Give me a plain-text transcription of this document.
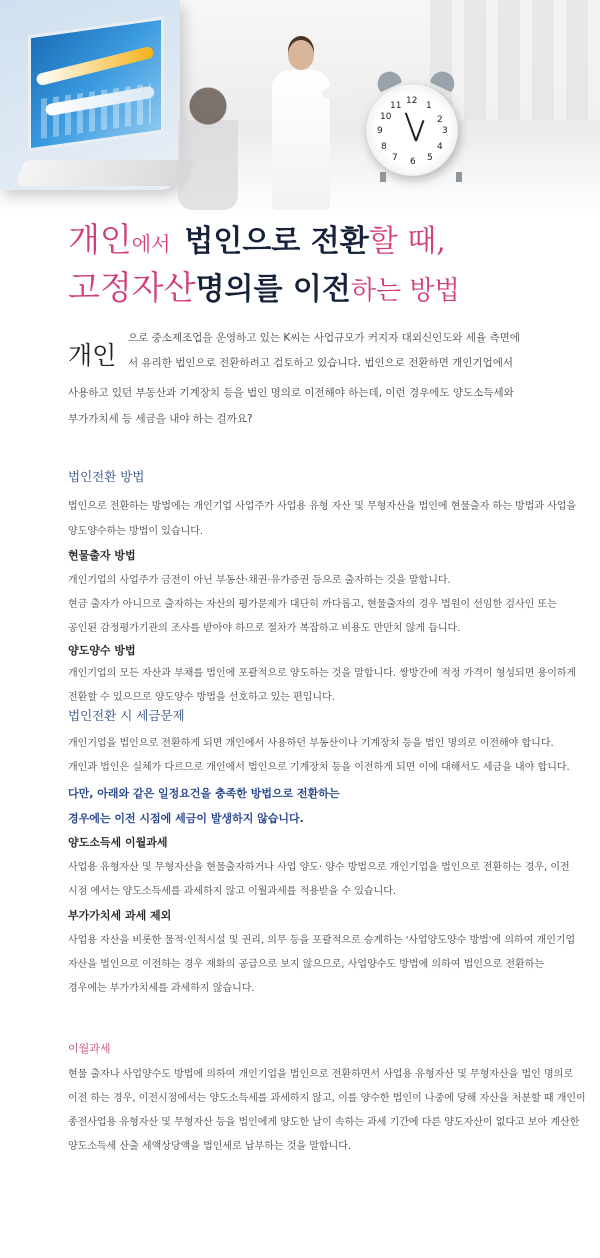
12 1
2
3
4
5
6
7
8
9
10
11
개인에서 법인으로 전환할 때,
고정자산명의를 이전하는 방법
개인
으로 중소제조업을 운영하고 있는 K씨는 사업규모가 커지자 대외신인도와 세율 측면에
서 유리한 법인으로 전환하려고 검토하고 있습니다. 법인으로 전환하면 개인기업에서
사용하고 있던 부동산과 기계장치 등을 법인 명의로 이전해야 하는데, 이런 경우에도 양도소득세와
부가가치세 등 세금을 내야 하는 걸까요?
법인전환 방법
법인으로 전환하는 방법에는 개인기업 사업주가 사업용 유형 자산 및 무형자산을 법인에 현물출자 하는 방법과 사업을
양도양수하는 방법이 있습니다.
현물출자 방법
개인기업의 사업주가 금전이 아닌 부동산·채권·유가증권 등으로 출자하는 것을 말합니다.
현금 출자가 아니므로 출자하는 자산의 평가문제가 대단히 까다롭고, 현물출자의 경우 법원이 선임한 검사인 또는
공인된 감정평가기관의 조사를 받아야 하므로 절차가 복잡하고 비용도 만만치 않게 듭니다.
양도양수 방법
개인기업의 모든 자산과 부채를 법인에 포괄적으로 양도하는 것을 말합니다. 쌍방간에 적정 가격이 형성되면 용이하게
전환할 수 있으므로 양도양수 방법을 선호하고 있는 편입니다.
법인전환 시 세금문제
개인기업을 법인으로 전환하게 되면 개인에서 사용하던 부동산이나 기계장치 등을 법인 명의로 이전해야 합니다.
개인과 법인은 실체가 다르므로 개인에서 법인으로 기계장치 등을 이전하게 되면 이에 대해서도 세금을 내야 합니다.
다만, 아래와 같은 일정요건을 충족한 방법으로 전환하는
경우에는 이전 시점에 세금이 발생하지 않습니다.
양도소득세 이월과세
사업용 유형자산 및 무형자산을 현물출자하거나 사업 양도· 양수 방법으로 개인기업을 법인으로 전환하는 경우, 이전
시점 에서는 양도소득세를 과세하지 않고 이월과세를 적용받을 수 있습니다.
부가가치세 과세 제외
사업용 자산을 비롯한 물적·인적시설 및 권리, 의무 등을 포괄적으로 승계하는 '사업양도양수 방법'에 의하여 개인기업
자산을 법인으로 이전하는 경우 재화의 공급으로 보지 않으므로, 사업양수도 방법에 의하여 법인으로 전환하는
경우에는 부가가치세를 과세하지 않습니다.
이월과세
현물 출자나 사업양수도 방법에 의하여 개인기업을 법인으로 전환하면서 사업용 유형자산 및 무형자산을 법인 명의로
이전 하는 경우, 이전시점에서는 양도소득세를 과세하지 않고, 이를 양수한 법인이 나중에 당해 자산을 처분할 때 개인이
종전사업용 유형자산 및 무형자산 등을 법인에게 양도한 날이 속하는 과세 기간에 다른 양도자산이 없다고 보아 계산한
양도소득세 산출 세액상당액을 법인세로 납부하는 것을 말합니다.
